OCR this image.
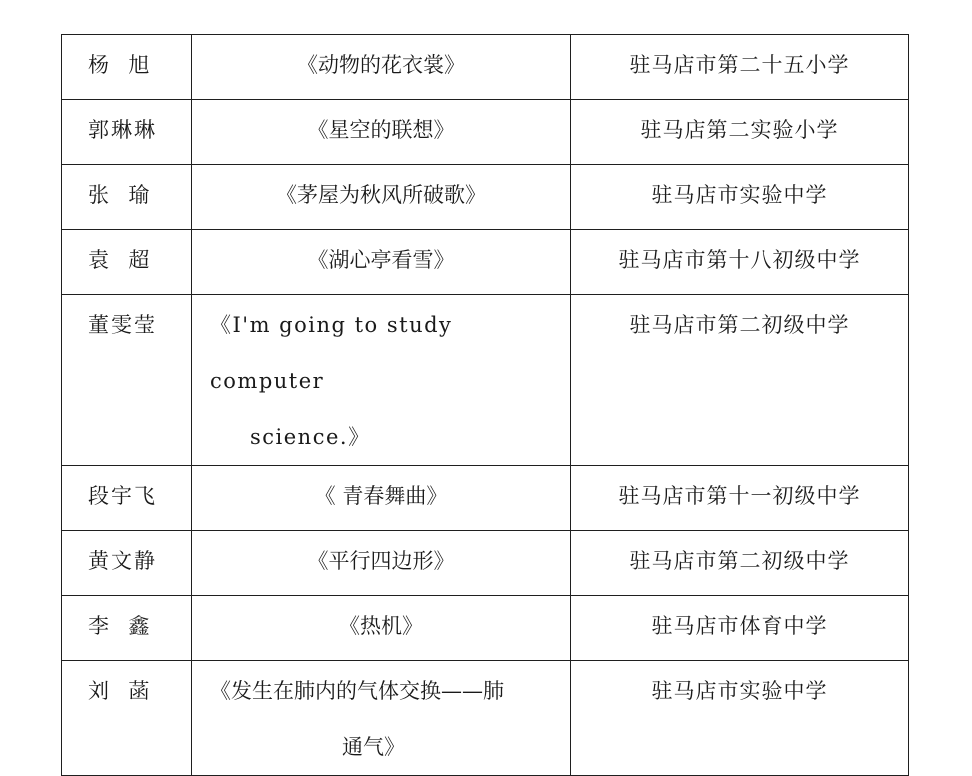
杨  旭	《动物的花衣裳》	驻马店市第二十五小学

郭琳琳	《星空的联想》	驻马店第二实验小学

张  瑜	《茅屋为秋风所破歌》	驻马店市实验中学

袁  超	《湖心亭看雪》	驻马店市第十八初级中学

董雯莹	《I'm going to study computer
science.》	驻马店市第二初级中学

段宇飞	《 青春舞曲》	驻马店市第十一初级中学

黄文静	《平行四边形》	驻马店市第二初级中学

李  鑫	《热机》	驻马店市体育中学

刘  菡	《发生在肺内的气体交换——肺
通气》	驻马店市实验中学
